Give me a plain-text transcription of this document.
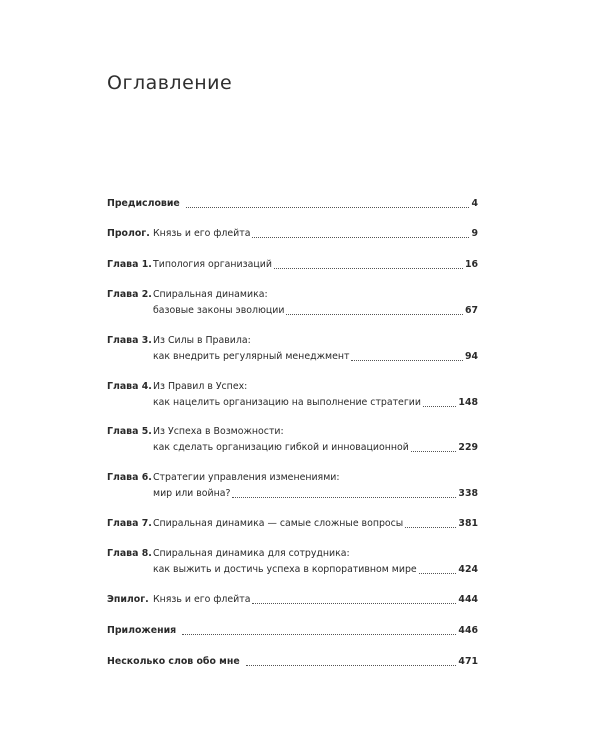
Оглавление
Предисловие	4
Пролог. Князь и его флейта	9
Глава 1. Типология организаций	16
Глава 2. Спиральная динамика:
базовые законы эволюции	67
Глава 3. Из Силы в Правила:
как внедрить регулярный менеджмент	94
Глава 4. Из Правил в Успех:
как нацелить организацию на выполнение стратегии	148
Глава 5. Из Успеха в Возможности:
как сделать организацию гибкой и инновационной	229
Глава 6. Стратегии управления изменениями:
мир или война?	338
Глава 7. Спиральная динамика — самые сложные вопросы	381
Глава 8. Спиральная динамика для сотрудника:
как выжить и достичь успеха в корпоративном мире	424
Эпилог. Князь и его флейта	444
Приложения	446
Несколько слов обо мне	471
